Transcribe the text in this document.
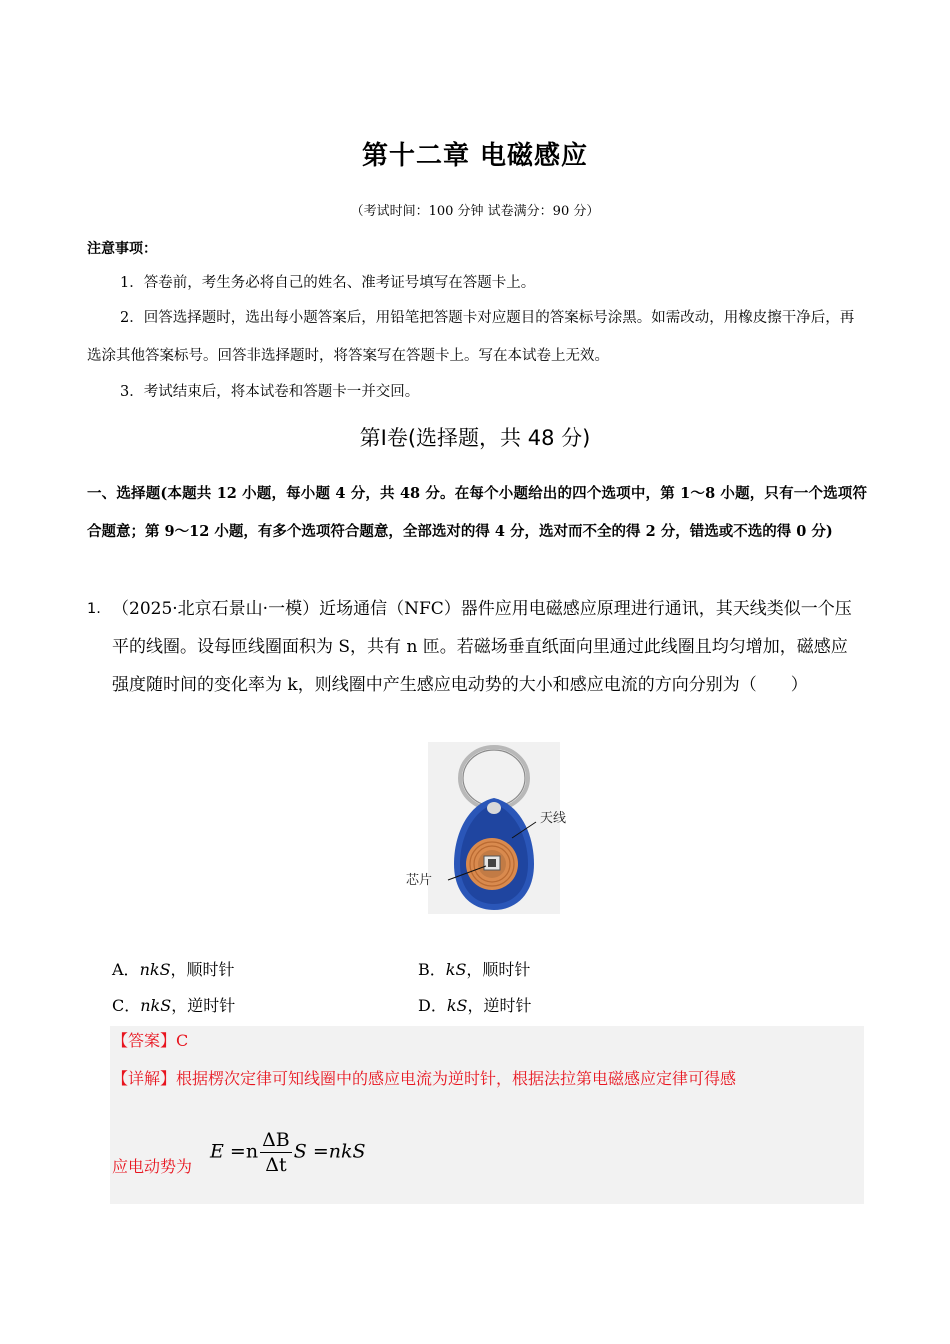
第十二章 电磁感应
（考试时间：100 分钟 试卷满分：90 分）
注意事项：
1．答卷前，考生务必将自己的姓名、准考证号填写在答题卡上。
2．回答选择题时，选出每小题答案后，用铅笔把答题卡对应题目的答案标号涂黑。如需改动，用橡皮擦干净后，再选涂其他答案标号。回答非选择题时，将答案写在答题卡上。写在本试卷上无效。
3．考试结束后，将本试卷和答题卡一并交回。
第Ⅰ卷(选择题，共 48 分)
一、选择题(本题共 12 小题，每小题 4 分，共 48 分。在每个小题给出的四个选项中，第 1～8 小题，只有一个选项符合题意；第 9～12 小题，有多个选项符合题意，全部选对的得 4 分，选对而不全的得 2 分，错选或不选的得 0 分)
1. （2025·北京石景山·一模）近场通信（NFC）器件应用电磁感应原理进行通讯，其天线类似一个压平的线圈。设每匝线圈面积为 S，共有 n 匝。若磁场垂直纸面向里通过此线圈且均匀增加，磁感应强度随时间的变化率为 k，则线圈中产生感应电动势的大小和感应电流的方向分别为（　　）
天线
芯片
A．nkS，顺时针	B．kS，顺时针
C．nkS，逆时针	D．kS，逆时针
【答案】C
【详解】根据楞次定律可知线圈中的感应电流为逆时针，根据法拉第电磁感应定律可得感
应电动势为
$E =n \frac{\Delta B}{\Delta t}$ S =nkS
